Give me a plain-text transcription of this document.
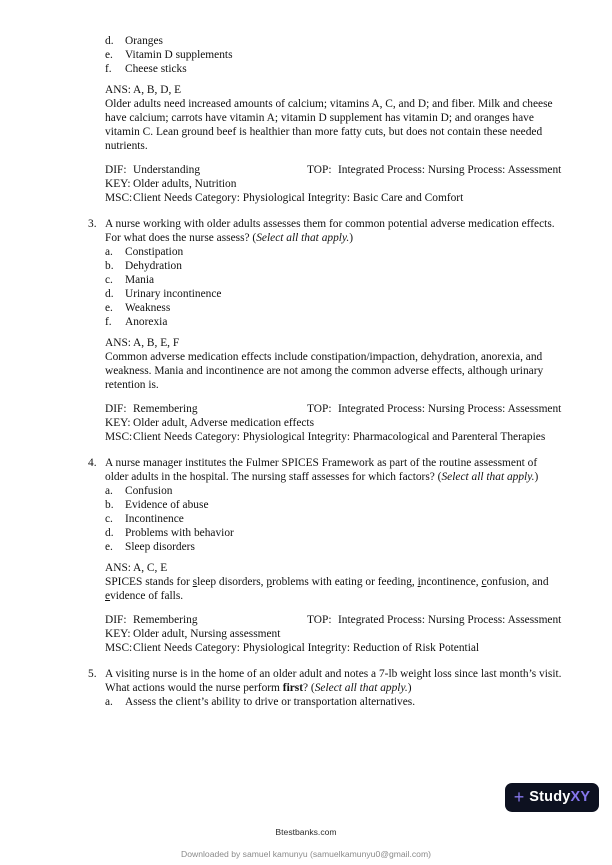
d.	Oranges
e.	Vitamin D supplements
f.	Cheese sticks
ANS: A, B, D, E
Older adults need increased amounts of calcium; vitamins A, C, and D; and fiber. Milk and cheese have calcium; carrots have vitamin A; vitamin D supplement has vitamin D; and oranges have vitamin C. Lean ground beef is healthier than more fatty cuts, but does not contain these needed nutrients.
DIF: Understanding	TOP: Integrated Process: Nursing Process: Assessment
KEY: Older adults, Nutrition
MSC: Client Needs Category: Physiological Integrity: Basic Care and Comfort
3. A nurse working with older adults assesses them for common potential adverse medication effects. For what does the nurse assess? (Select all that apply.)
a.	Constipation
b.	Dehydration
c.	Mania
d.	Urinary incontinence
e.	Weakness
f.	Anorexia
ANS: A, B, E, F
Common adverse medication effects include constipation/impaction, dehydration, anorexia, and weakness. Mania and incontinence are not among the common adverse effects, although urinary retention is.
DIF: Remembering	TOP: Integrated Process: Nursing Process: Assessment
KEY: Older adult, Adverse medication effects
MSC: Client Needs Category: Physiological Integrity: Pharmacological and Parenteral Therapies
4. A nurse manager institutes the Fulmer SPICES Framework as part of the routine assessment of older adults in the hospital. The nursing staff assesses for which factors? (Select all that apply.)
a.	Confusion
b.	Evidence of abuse
c.	Incontinence
d.	Problems with behavior
e.	Sleep disorders
ANS: A, C, E
SPICES stands for sleep disorders, problems with eating or feeding, incontinence, confusion, and evidence of falls.
DIF: Remembering	TOP: Integrated Process: Nursing Process: Assessment
KEY: Older adult, Nursing assessment
MSC: Client Needs Category: Physiological Integrity: Reduction of Risk Potential
5. A visiting nurse is in the home of an older adult and notes a 7-lb weight loss since last month’s visit. What actions would the nurse perform first? (Select all that apply.)
a.	Assess the client’s ability to drive or transportation alternatives.
+ StudyXY
Btestbanks.com
Downloaded by samuel kamunyu (samuelkamunyu0@gmail.com)
